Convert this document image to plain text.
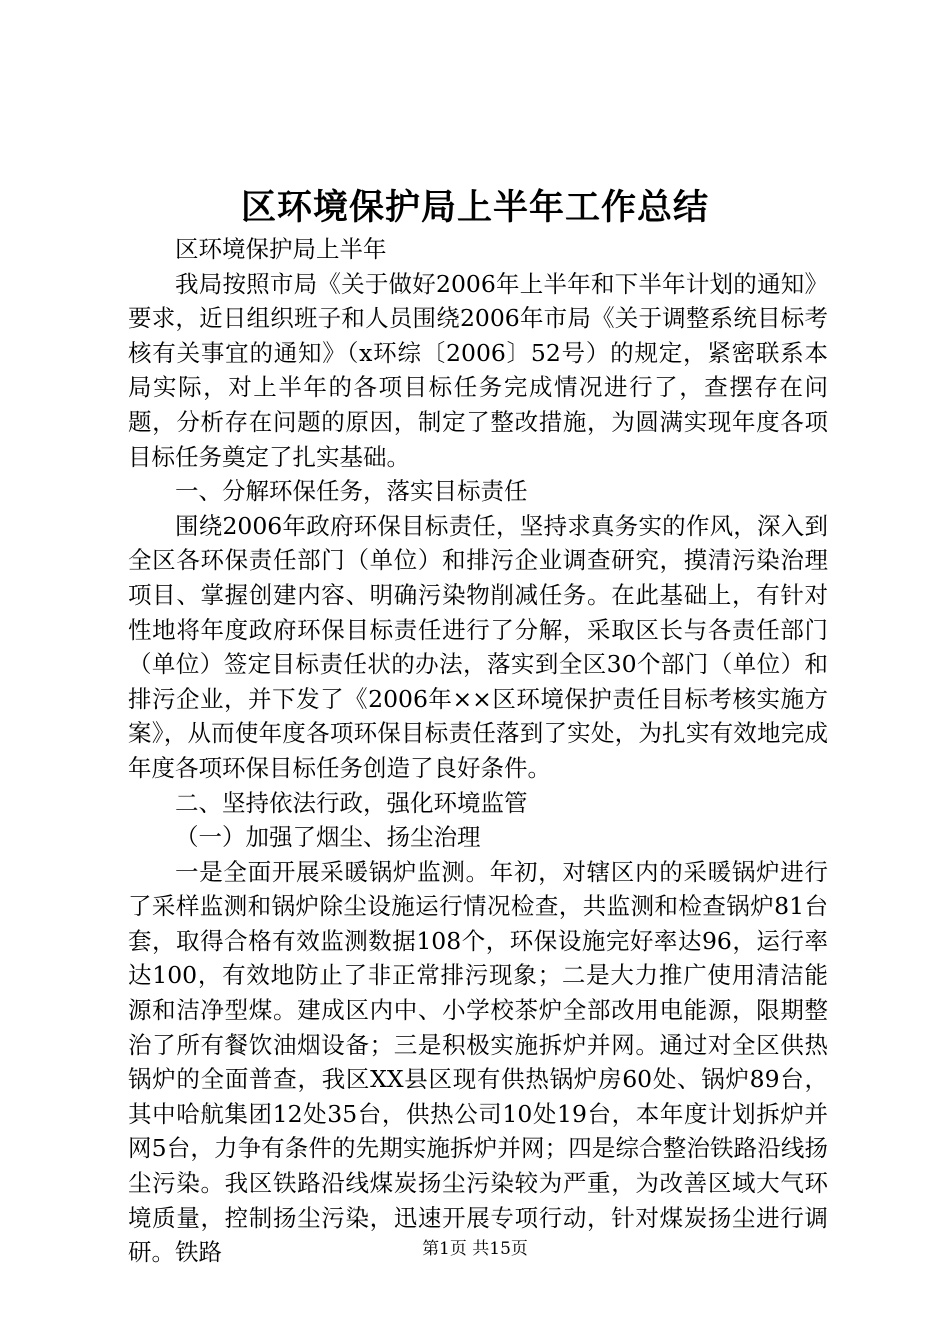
区环境保护局上半年工作总结

区环境保护局上半年

我局按照市局《关于做好2006年上半年和下半年计划的通知》要求，近日组织班子和人员围绕2006年市局《关于调整系统目标考核有关事宜的通知》（x环综〔2006〕52号）的规定，紧密联系本局实际，对上半年的各项目标任务完成情况进行了，查摆存在问题，分析存在问题的原因，制定了整改措施，为圆满实现年度各项目标任务奠定了扎实基础。

一、分解环保任务，落实目标责任

围绕2006年政府环保目标责任，坚持求真务实的作风，深入到全区各环保责任部门（单位）和排污企业调查研究，摸清污染治理项目、掌握创建内容、明确污染物削减任务。在此基础上，有针对性地将年度政府环保目标责任进行了分解，采取区长与各责任部门（单位）签定目标责任状的办法，落实到全区30个部门（单位）和排污企业，并下发了《2006年××区环境保护责任目标考核实施方案》，从而使年度各项环保目标责任落到了实处，为扎实有效地完成年度各项环保目标任务创造了良好条件。

二、坚持依法行政，强化环境监管

（一）加强了烟尘、扬尘治理

一是全面开展采暖锅炉监测。年初，对辖区内的采暖锅炉进行了采样监测和锅炉除尘设施运行情况检查，共监测和检查锅炉81台套，取得合格有效监测数据108个，环保设施完好率达96，运行率达100，有效地防止了非正常排污现象；二是大力推广使用清洁能源和洁净型煤。建成区内中、小学校茶炉全部改用电能源，限期整治了所有餐饮油烟设备；三是积极实施拆炉并网。通过对全区供热锅炉的全面普查，我区XX县区现有供热锅炉房60处、锅炉89台，其中哈航集团12处35台，供热公司10处19台，本年度计划拆炉并网5台，力争有条件的先期实施拆炉并网；四是综合整治铁路沿线扬尘污染。我区铁路沿线煤炭扬尘污染较为严重，为改善区域大气环境质量，控制扬尘污染，迅速开展专项行动，针对煤炭扬尘进行调研。铁路	第1页 共15页
